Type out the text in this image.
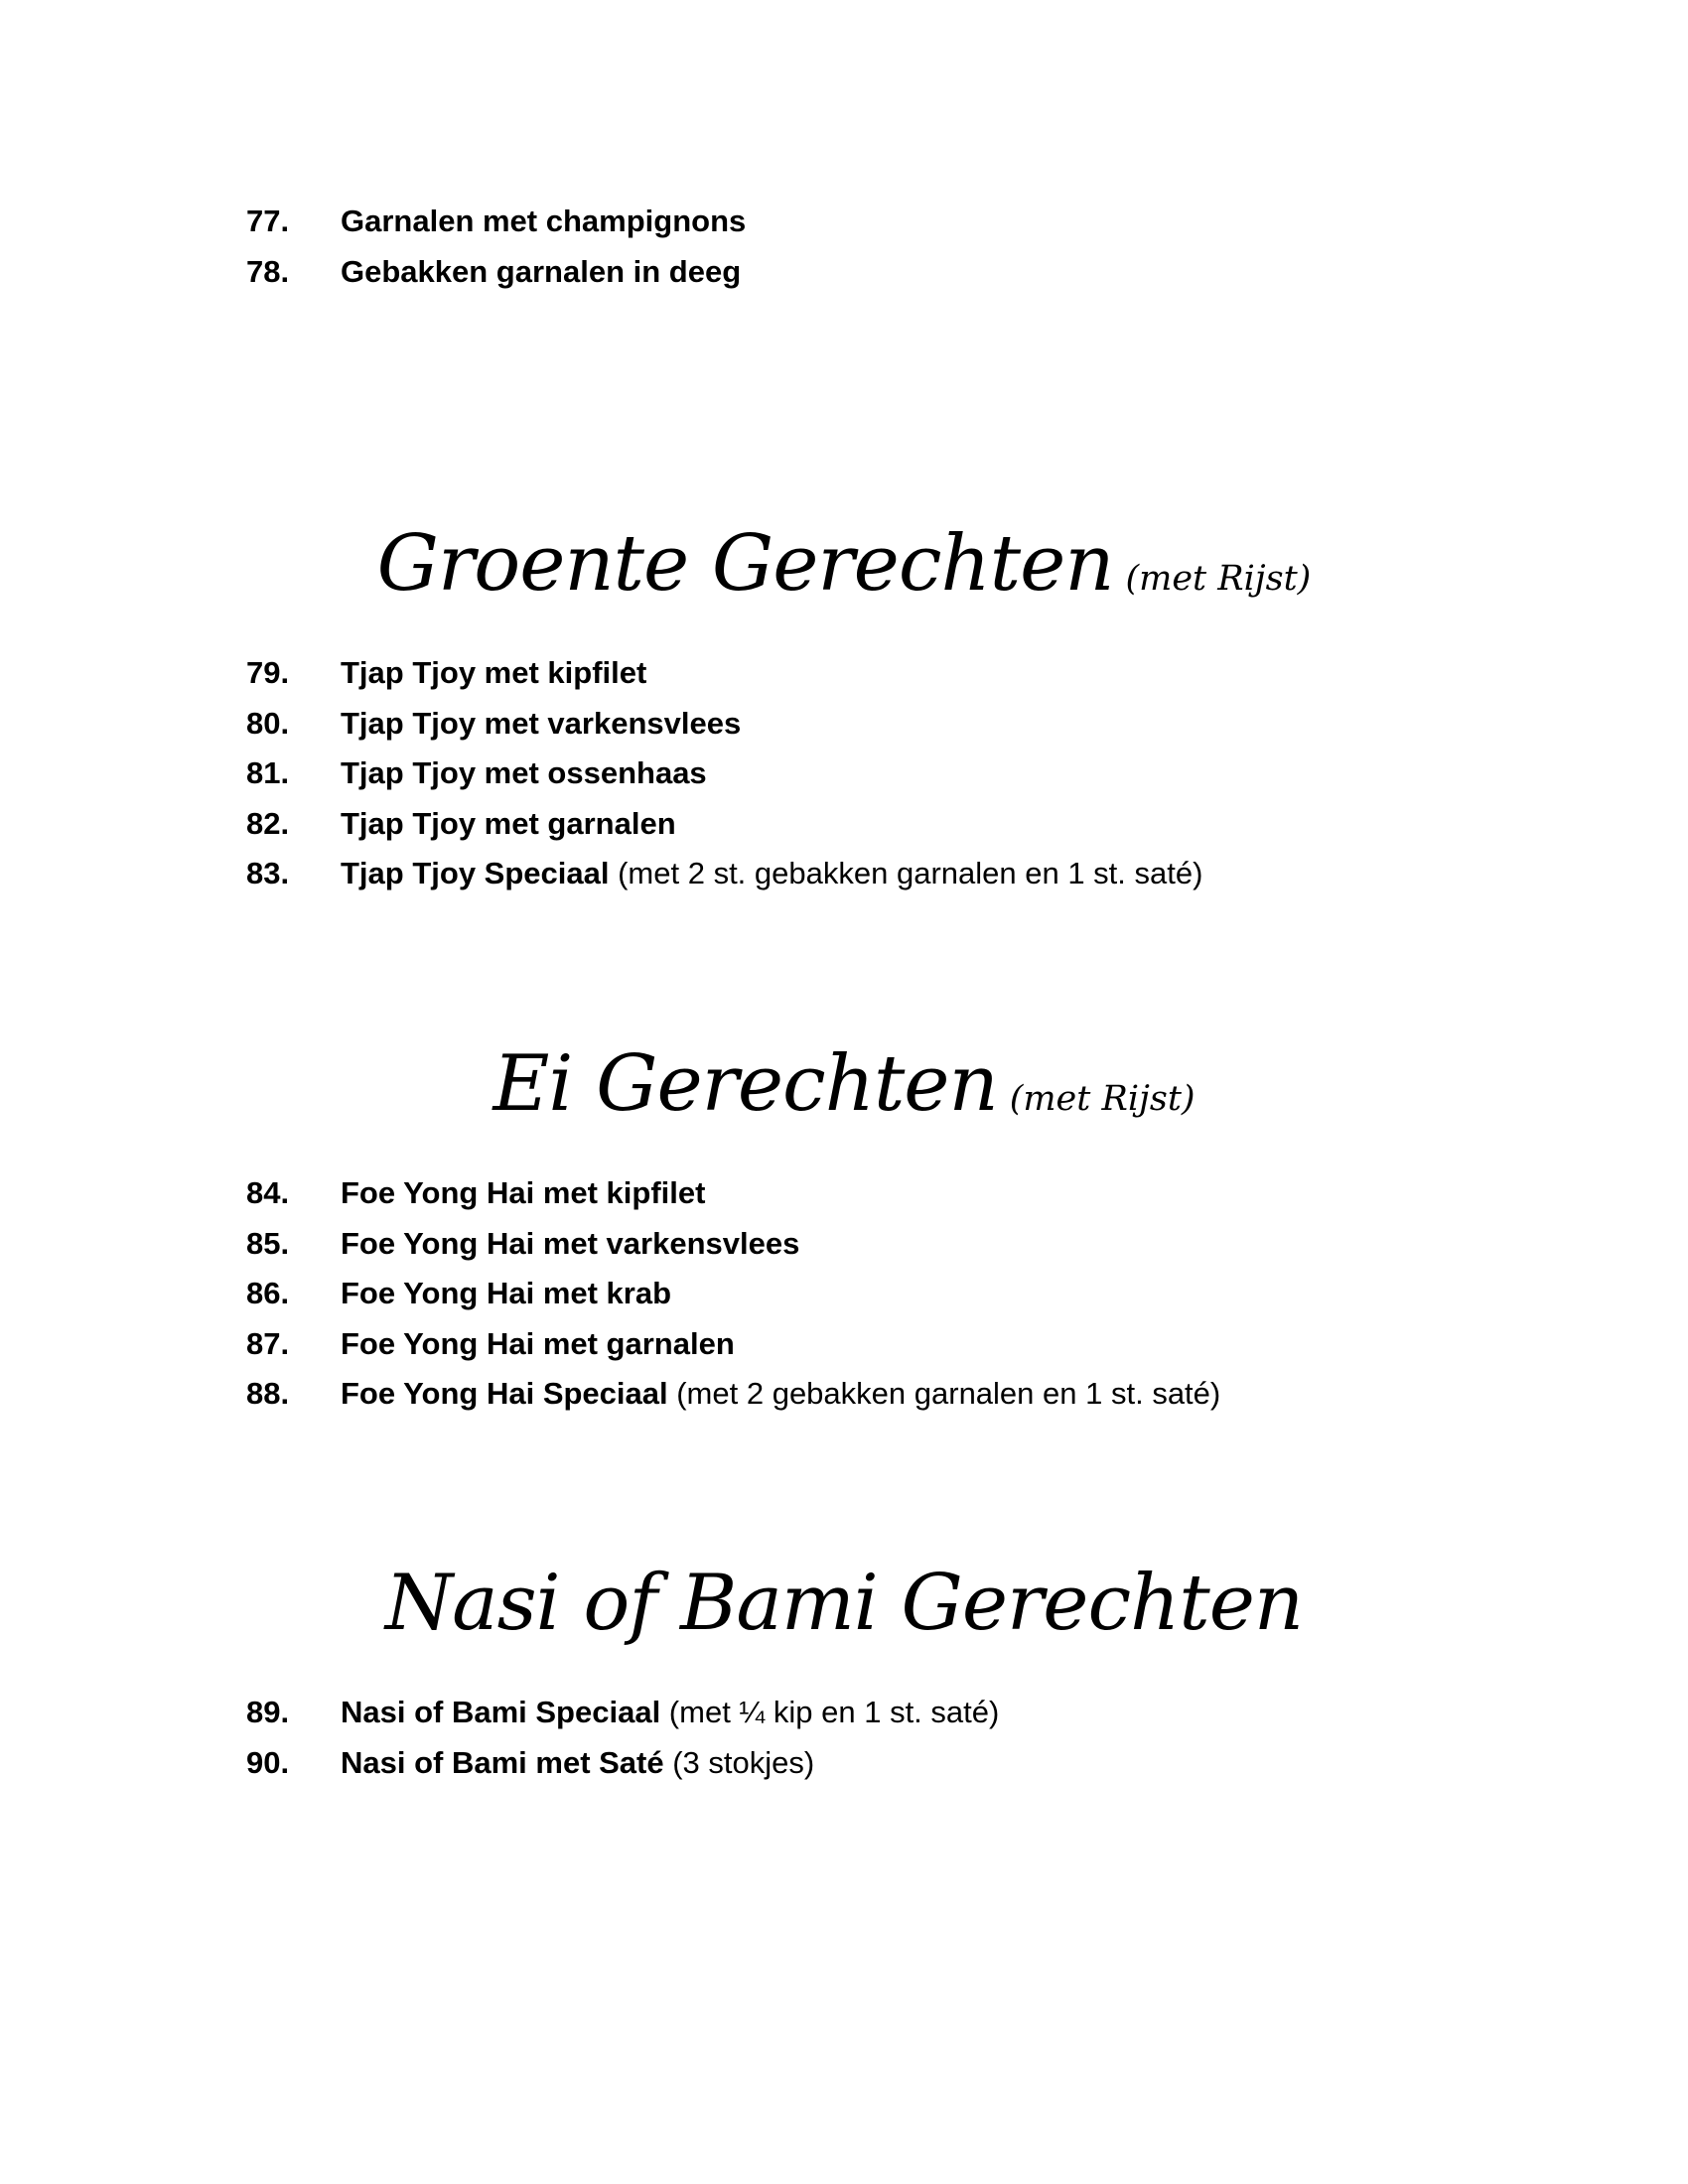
77. Garnalen met champignons
78. Gebakken garnalen in deeg
Groente Gerechten (met Rijst)
79. Tjap Tjoy met kipfilet
80. Tjap Tjoy met varkensvlees
81. Tjap Tjoy met ossenhaas
82. Tjap Tjoy met garnalen
83. Tjap Tjoy Speciaal (met 2 st. gebakken garnalen en 1 st. saté)
Ei Gerechten (met Rijst)
84. Foe Yong Hai met kipfilet
85. Foe Yong Hai met varkensvlees
86. Foe Yong Hai met krab
87. Foe Yong Hai met garnalen
88. Foe Yong Hai Speciaal (met 2 gebakken garnalen en 1 st. saté)
Nasi of Bami Gerechten
89. Nasi of Bami Speciaal (met ¼ kip en 1 st. saté)
90. Nasi of Bami met Saté (3 stokjes)
